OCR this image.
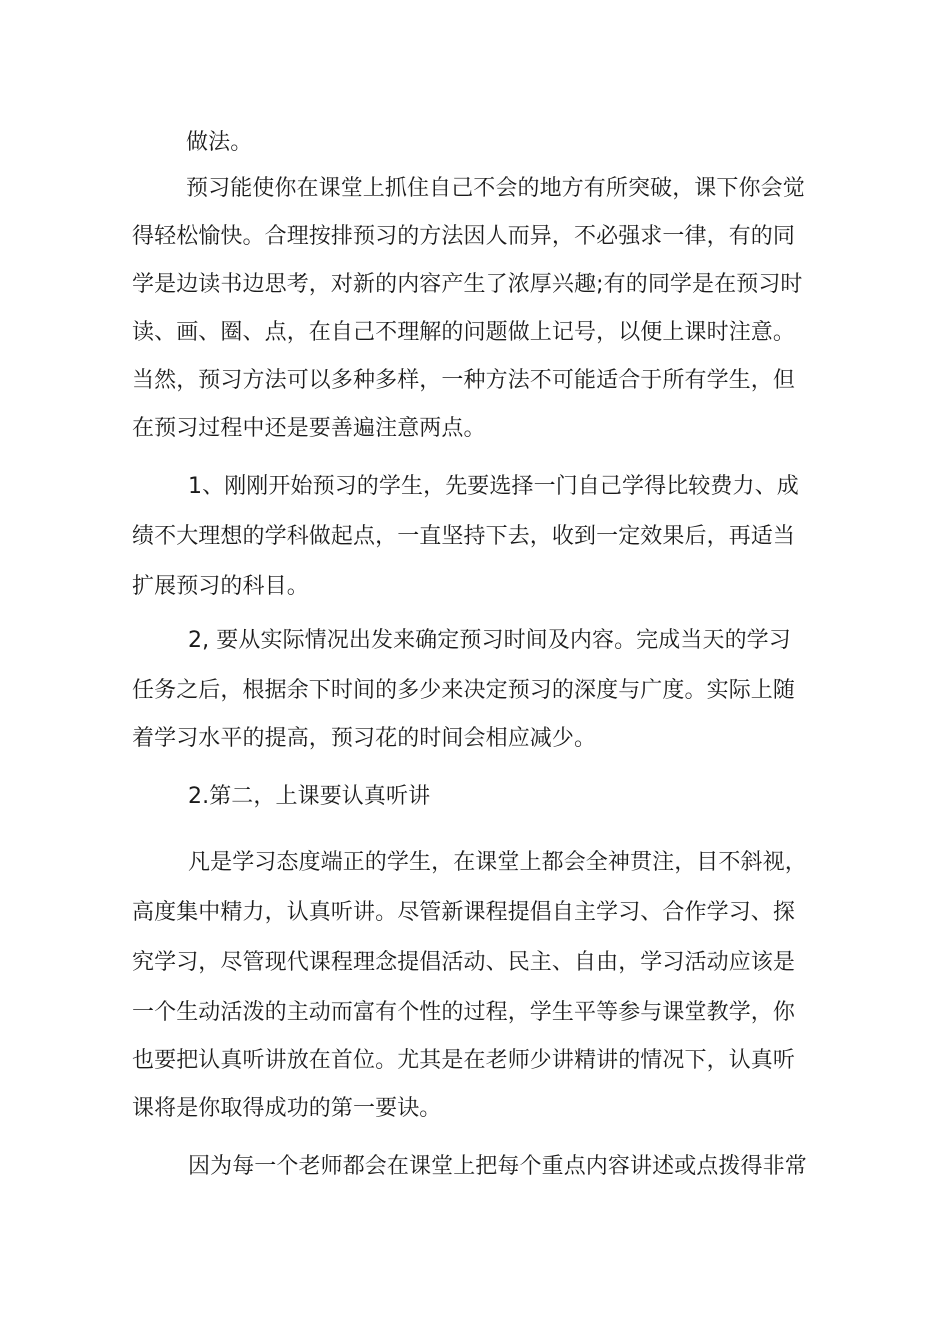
做法。
预习能使你在课堂上抓住自己不会的地方有所突破，课下你会觉
得轻松愉快。合理按排预习的方法因人而异，不必强求一律，有的同
学是边读书边思考，对新的内容产生了浓厚兴趣;有的同学是在预习时
读、画、圈、点，在自己不理解的问题做上记号，以便上课时注意。
当然，预习方法可以多种多样，一种方法不可能适合于所有学生，但
在预习过程中还是要善遍注意两点。
1、刚刚开始预习的学生，先要选择一门自己学得比较费力、成
绩不大理想的学科做起点，一直坚持下去，收到一定效果后，再适当
扩展预习的科目。
2, 要从实际情况出发来确定预习时间及内容。完成当天的学习
任务之后，根据余下时间的多少来决定预习的深度与广度。实际上随
着学习水平的提高，预习花的时间会相应减少。
2.第二，上课要认真听讲
凡是学习态度端正的学生，在课堂上都会全神贯注，目不斜视，
高度集中精力，认真听讲。尽管新课程提倡自主学习、合作学习、探
究学习，尽管现代课程理念提倡活动、民主、自由，学习活动应该是
一个生动活泼的主动而富有个性的过程，学生平等参与课堂教学，你
也要把认真听讲放在首位。尤其是在老师少讲精讲的情况下，认真听
课将是你取得成功的第一要诀。
因为每一个老师都会在课堂上把每个重点内容讲述或点拨得非常
